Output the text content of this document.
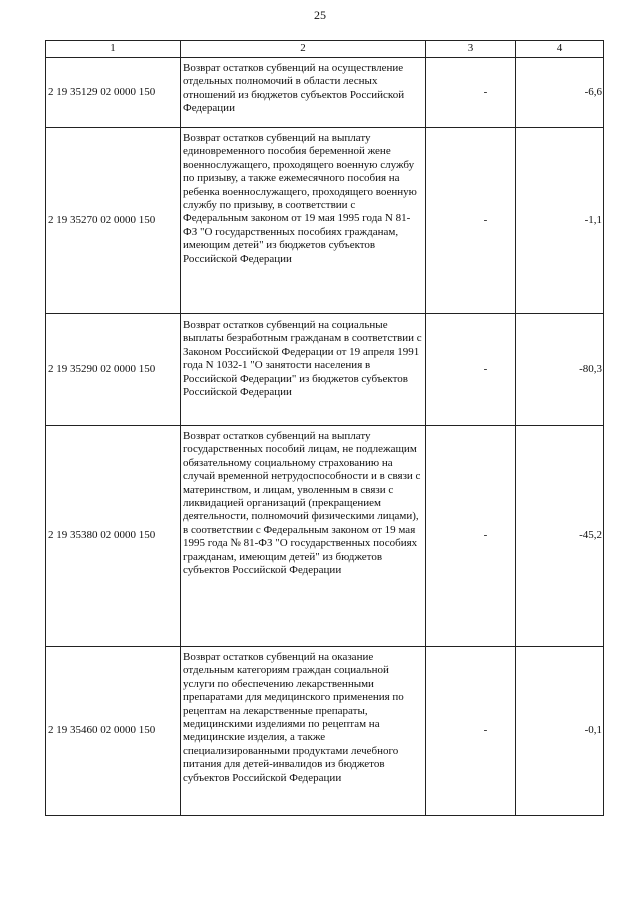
25
1	2	3	4
2 19 35129 02 0000 150	Возврат остатков субвенций на осуществление отдельных полномочий в области лесных отношений из бюджетов субъектов Российской Федерации	-	-6,6
2 19 35270 02 0000 150	Возврат остатков субвенций на выплату единовременного пособия беременной жене военнослужащего, проходящего военную службу по призыву, а также ежемесячного пособия на ребенка военнослужащего, проходящего военную службу по призыву, в соответствии с Федеральным законом от 19 мая 1995 года N 81-ФЗ "О государственных пособиях гражданам, имеющим детей" из бюджетов субъектов Российской Федерации	-	-1,1
2 19 35290 02 0000 150	Возврат остатков субвенций на социальные выплаты безработным гражданам в соответствии с Законом Российской Федерации от 19 апреля 1991 года N 1032-1 "О занятости населения в Российской Федерации" из бюджетов субъектов Российской Федерации	-	-80,3
2 19 35380 02 0000 150	Возврат остатков субвенций на выплату государственных пособий лицам, не подлежащим обязательному социальному страхованию на случай временной нетрудоспособности и в связи с материнством, и лицам, уволенным в связи с ликвидацией организаций (прекращением деятельности, полномочий физическими лицами), в соответствии с Федеральным законом от 19 мая 1995 года № 81-ФЗ "О государственных пособиях гражданам, имеющим детей" из бюджетов субъектов Российской Федерации	-	-45,2
2 19 35460 02 0000 150	Возврат остатков субвенций на оказание отдельным категориям граждан социальной услуги по обеспечению лекарственными препаратами для медицинского применения по рецептам на лекарственные препараты, медицинскими изделиями по рецептам на медицинские изделия, а также специализированными продуктами лечебного питания для детей-инвалидов из бюджетов субъектов Российской Федерации	-	-0,1
